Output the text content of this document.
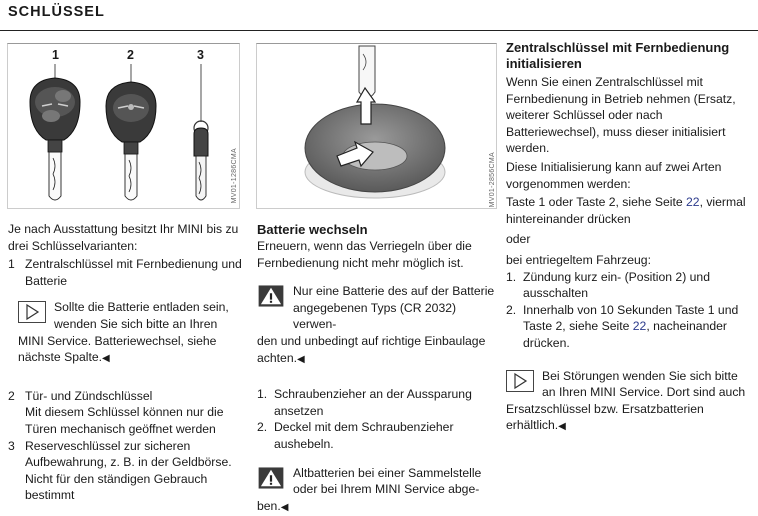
SCHLÜSSEL
1	2	3
MV01-1286CMA	MV01-2856CMA

Je nach Ausstattung besitzt Ihr MINI bis zu drei Schlüsselvarianten:

1 Zentralschlüssel mit Fernbedienung und Batterie
Sollte die Batterie entladen sein,
wenden Sie sich bitte an Ihren
MINI Service. Batteriewechsel, siehe nächste Spalte.◀
2 Tür- und Zündschlüssel
Mit diesem Schlüssel können nur die Türen mechanisch geöffnet werden
3 Reserveschlüssel zur sicheren Aufbewahrung, z. B. in der Geldbörse. Nicht für den ständigen Gebrauch bestimmt
Batterie wechseln

Erneuern, wenn das Verriegeln über die Fernbedienung nicht mehr möglich ist.

Nur eine Batterie des auf der Batterie
angegebenen Typs (CR 2032) verwen-
den und unbedingt auf richtige Einbaulage achten.◀
1. Schraubenzieher an der Aussparung ansetzen
2. Deckel mit dem Schraubenzieher aushebeln.
Altbatterien bei einer Sammelstelle
oder bei Ihrem MINI Service abge-
ben.◀
Zentralschlüssel mit Fernbedienung initialisieren

Wenn Sie einen Zentralschlüssel mit Fernbedienung in Betrieb nehmen (Ersatz, weiterer Schlüssel oder nach Batteriewechsel), muss dieser initialisiert werden.

Diese Initialisierung kann auf zwei Arten vorgenommen werden:

Taste 1 oder Taste 2, siehe Seite 22, viermal hintereinander drücken

oder

bei entriegeltem Fahrzeug:

1. Zündung kurz ein- (Position 2) und ausschalten
2. Innerhalb von 10 Sekunden Taste 1 und Taste 2, siehe Seite 22, nacheinander drücken.
Bei Störungen wenden Sie sich bitte
an Ihren MINI Service. Dort sind auch
Ersatzschlüssel bzw. Ersatzbatterien erhältlich.◀
